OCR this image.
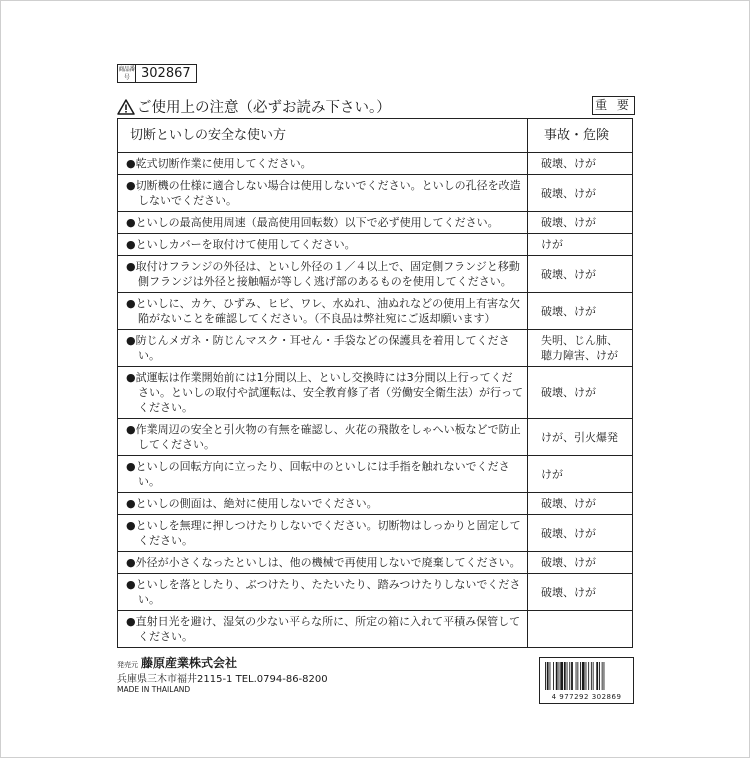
商品番号 302867
ご使用上の注意（必ずお読み下さい。）	重 要
切断といしの安全な使い方	事故・危険
●乾式切断作業に使用してください。	破壊、けが

●切断機の仕様に適合しない場合は使用しないでください。といしの孔径を改造しないでください。	破壊、けが

●といしの最高使用周速（最高使用回転数）以下で必ず使用してください。	破壊、けが

●といしカバーを取付けて使用してください。	けが

●取付けフランジの外径は、といし外径の１／４以上で、固定側フランジと移動側フランジは外径と接触幅が等しく逃げ部のあるものを使用してください。	破壊、けが

●といしに、カケ、ひずみ、ヒビ、ワレ、水ぬれ、油ぬれなどの使用上有害な欠陥がないことを確認してください。（不良品は弊社宛にご返却願います）	破壊、けが

●防じんメガネ・防じんマスク・耳せん・手袋などの保護具を着用してください。	失明、じん肺、
聴力障害、けが

●試運転は作業開始前には1分間以上、といし交換時には3分間以上行ってください。といしの取付や試運転は、安全教育修了者（労働安全衛生法）が行ってください。	破壊、けが

●作業周辺の安全と引火物の有無を確認し、火花の飛散をしゃへい板などで防止してください。	けが、引火爆発

●といしの回転方向に立ったり、回転中のといしには手指を触れないでください。	けが

●といしの側面は、絶対に使用しないでください。	破壊、けが

●といしを無理に押しつけたりしないでください。切断物はしっかりと固定してください。	破壊、けが

●外径が小さくなったといしは、他の機械で再使用しないで廃棄してください。	破壊、けが

●といしを落としたり、ぶつけたり、たたいたり、踏みつけたりしないでください。	破壊、けが

●直射日光を避け、湿気の少ない平らな所に、所定の箱に入れて平積み保管してください。	
発売元 藤原産業株式会社
兵庫県三木市福井2115-1 TEL.0794-86-8200
MADE IN THAILAND
4 977292 302869
